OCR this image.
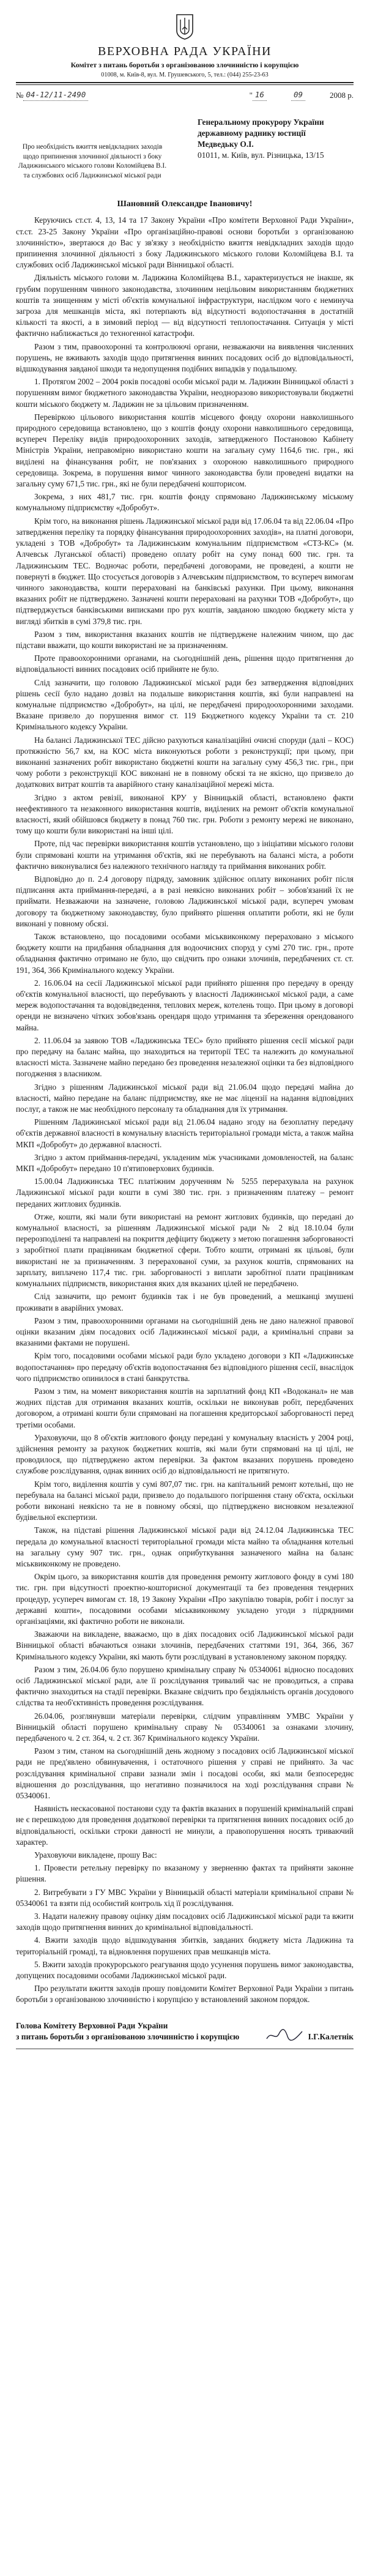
ВЕРХОВНА РАДА УКРАЇНИ
Комітет з питань боротьби з організованою злочинністю і корупцією
01008, м. Київ-8, вул. М. Грушевського, 5, тел.: (044) 255-23-63
№ 04-12/11-2490	" 16	09	2008 р.
Про необхідність вжиття невідкладних заходів щодо припинення злочинної діяльності з боку Ладижинського міського голови Коломійцева В.І. та службових осіб Ладижинської міської ради
Генеральному прокурору України
державному раднику юстиції
Медведьку О.І.
01011, м. Київ, вул. Різницька, 13/15
Шановний Олександре Івановичу!

Керуючись ст.ст. 4, 13, 14 та 17 Закону України «Про комітети Верховної Ради України», ст.ст. 23-25 Закону України «Про організаційно-правові основи боротьби з організованою злочинністю», звертаюся до Вас у зв'язку з необхідністю вжиття невідкладних заходів щодо припинення злочинної діяльності з боку Ладижинського міського голови Коломійцева В.І. та службових осіб Ладижинської міської ради Вінницької області.

Діяльність міського голови м. Ладижина Коломійцева В.І., характеризується не інакше, як грубим порушенням чинного законодавства, злочинним нецільовим використанням бюджетних коштів та знищенням у місті об'єктів комунальної інфраструктури, наслідком чого є неминуча загроза для мешканців міста, які потерпають від відсутності водопостачання в достатній кількості та якості, а в зимовий період — від відсутності теплопостачання. Ситуація у місті фактично наближається до техногенної катастрофи.

Разом з тим, правоохоронні та контролюючі органи, незважаючи на виявлення численних порушень, не вживають заходів щодо притягнення винних посадових осіб до відповідальності, відшкодування завданої шкоди та недопущення подібних випадків у подальшому.

1. Протягом 2002 – 2004 років посадові особи міської ради м. Ладижин Вінницької області з порушенням вимог бюджетного законодавства України, неодноразово використовували бюджетні кошти міського бюджету м. Ладижин не за цільовим призначенням.

Перевіркою цільового використання коштів місцевого фонду охорони навколишнього природного середовища встановлено, що з коштів фонду охорони навколишнього середовища, всупереч Переліку видів природоохоронних заходів, затвердженого Постановою Кабінету Міністрів України, неправомірно використано кошти на загальну суму 1164,6 тис. грн., які виділені на фінансування робіт, не пов'язаних з охороною навколишнього природного середовища. Зокрема, в порушення вимог чинного законодавства були проведені видатки на загальну суму 671,5 тис. грн., які не були передбачені кошторисом.

Зокрема, з них 481,7 тис. грн. коштів фонду спрямовано Ладижинському міському комунальному підприємству «Добробут».

Крім того, на виконання рішень Ладижинської міської ради від 17.06.04 та від 22.06.04 «Про затвердження переліку та порядку фінансування природоохоронних заходів», на платні договори, укладені з ТОВ «Добробут» та Ладижинським комунальним підприємством «СТЗ-КС» (м. Алчевськ Луганської області) проведено оплату робіт на суму понад 600 тис. грн. та Ладижинським ТЕС. Водночас роботи, передбачені договорами, не проведені, а кошти не повернуті в бюджет. Що стосується договорів з Алчевським підприємством, то всупереч вимогам чинного законодавства, кошти перераховані на банківські рахунки. При цьому, виконання вказаних робіт не підтверджено. Зазначені кошти перераховані на рахунки ТОВ «Добробут», що підтверджується банківськими виписками про рух коштів, завданою шкодою бюджету міста у вигляді збитків в сумі 379,8 тис. грн.

Разом з тим, використання вказаних коштів не підтверджене належним чином, що дає підстави вважати, що кошти використані не за призначенням.

Проте правоохоронними органами, на сьогоднішній день, рішення щодо притягнення до відповідальності винних посадових осіб прийняте не було.

Слід зазначити, що головою Ладижинської міської ради без затвердження відповідних рішень сесії було надано дозвіл на подальше використання коштів, які були направлені на комунальне підприємство «Добробут», на цілі, не передбачені природоохоронними заходами. Вказане призвело до порушення вимог ст. 119 Бюджетного кодексу України та ст. 210 Кримінального кодексу України.

На балансі Ладижинської ТЕС дійсно рахуються каналізаційні очисні споруди (далі – КОС) протяжністю 56,7 км, на КОС міста виконуються роботи з реконструкції; при цьому, при виконанні зазначених робіт використано бюджетні кошти на загальну суму 456,3 тис. грн., при чому роботи з реконструкції КОС виконані не в повному обсязі та не якісно, що призвело до додаткових витрат коштів та аварійного стану каналізаційної мережі міста.

Згідно з актом ревізії, виконаної КРУ у Вінницькій області, встановлено факти неефективного та незаконного використання коштів, виділених на ремонт об'єктів комунальної власності, який обійшовся бюджету в понад 760 тис. грн. Роботи з ремонту мережі не виконано, тому що кошти були використані на інші цілі.

Проте, під час перевірки використання коштів установлено, що з ініціативи міського голови були спрямовані кошти на утримання об'єктів, які не перебувають на балансі міста, а роботи фактично виконувалися без належного технічного нагляду та приймання виконаних робіт.

Відповідно до п. 2.4 договору підряду, замовник здійснює оплату виконаних робіт після підписання акта приймання-передачі, а в разі неякісно виконаних робіт – зобов'язаний їх не приймати. Незважаючи на зазначене, головою Ладижинської міської ради, всупереч умовам договору та бюджетному законодавству, було прийнято рішення оплатити роботи, які не були виконані у повному обсязі.

Також встановлено, що посадовими особами міськвиконкому перераховано з міського бюджету кошти на придбання обладнання для водоочисних споруд у сумі 270 тис. грн., проте обладнання фактично отримано не було, що свідчить про ознаки злочинів, передбачених ст. ст. 191, 364, 366 Кримінального кодексу України.

2. 16.06.04 на сесії Ладижинської міської ради прийнято рішення про передачу в оренду об'єктів комунальної власності, що перебувають у власності Ладижинської міської ради, а саме мереж водопостачання та водовідведення, теплових мереж, котелень тощо. При цьому в договорі оренди не визначено чітких зобов'язань орендаря щодо утримання та збереження орендованого майна.

2. 11.06.04 за заявою ТОВ «Ладижинська ТЕС» було прийнято рішення сесії міської ради про передачу на баланс майна, що знаходиться на території ТЕС та належить до комунальної власності міста. Зазначене майно передано без проведення незалежної оцінки та без відповідного погодження з власником.

Згідно з рішенням Ладижинської міської ради від 21.06.04 щодо передачі майна до власності, майно передане на баланс підприємству, яке не має ліцензії на надання відповідних послуг, а також не має необхідного персоналу та обладнання для їх утримання.

Рішенням Ладижинської міської ради від 21.06.04 надано згоду на безоплатну передачу об'єктів державної власності в комунальну власність територіальної громади міста, а також майна МКП «Добробут» до державної власності.

Згідно з актом приймання-передачі, укладеним між учасниками домовленостей, на баланс МКП «Добробут» передано 10 п'ятиповерхових будинків.

15.00.04 Ладижинська ТЕС платіжним дорученням № 5255 перерахувала на рахунок Ладижинської міської ради кошти в сумі 380 тис. грн. з призначенням платежу – ремонт переданих житлових будинків.

Отже, кошти, які мали бути використані на ремонт житлових будинків, що передані до комунальної власності, за рішенням Ладижинської міської ради № 2 від 18.10.04 були перерозподілені та направлені на покриття дефіциту бюджету з метою погашення заборгованості з заробітної плати працівникам бюджетної сфери. Тобто кошти, отримані як цільові, були використані не за призначенням. З перерахованої суми, за рахунок коштів, спрямованих на зарплату, виплачено 117,4 тис. грн. заборгованості з виплати заробітної плати працівникам комунальних підприємств, використання яких для вказаних цілей не передбачено.

Слід зазначити, що ремонт будинків так і не був проведений, а мешканці змушені проживати в аварійних умовах.

Разом з тим, правоохоронними органами на сьогоднішній день не дано належної правової оцінки вказаним діям посадових осіб Ладижинської міської ради, а кримінальні справи за вказаними фактами не порушені.

Крім того, посадовими особами міської ради було укладено договори з КП «Ладижинське водопостачання» про передачу об'єктів водопостачання без відповідного рішення сесії, внаслідок чого підприємство опинилося в стані банкрутства.

Разом з тим, на момент використання коштів на зарплатний фонд КП «Водоканал» не мав жодних підстав для отримання вказаних коштів, оскільки не виконував робіт, передбачених договором, а отримані кошти були спрямовані на погашення кредиторської заборгованості перед третіми особами.

Ураховуючи, що 8 об'єктів житлового фонду передані у комунальну власність у 2004 році, здійснення ремонту за рахунок бюджетних коштів, які мали бути спрямовані на ці цілі, не проводилося, що підтверджено актом перевірки. За фактом вказаних порушень проведено службове розслідування, однак винних осіб до відповідальності не притягнуто.

Крім того, виділення коштів у сумі 807,07 тис. грн. на капітальний ремонт котельні, що не перебувала на балансі міської ради, призвело до подальшого погіршення стану об'єкта, оскільки роботи виконані неякісно та не в повному обсязі, що підтверджено висновком незалежної будівельної експертизи.

Також, на підставі рішення Ладижинської міської ради від 24.12.04 Ладижинська ТЕС передала до комунальної власності територіальної громади міста майно та обладнання котельні на загальну суму 907 тис. грн., однак оприбуткування зазначеного майна на баланс міськвиконкому не проведено.

Окрім цього, за використання коштів для проведення ремонту житлового фонду в сумі 180 тис. грн. при відсутності проектно-кошторисної документації та без проведення тендерних процедур, усупереч вимогам ст. 18, 19 Закону України «Про закупівлю товарів, робіт і послуг за державні кошти», посадовими особами міськвиконкому укладено угоди з підрядними організаціями, які фактично роботи не виконали.

Зважаючи на викладене, вважаємо, що в діях посадових осіб Ладижинської міської ради Вінницької області вбачаються ознаки злочинів, передбачених статтями 191, 364, 366, 367 Кримінального кодексу України, які мають бути розслідувані в установленому законом порядку.

Разом з тим, 26.04.06 було порушено кримінальну справу № 05340061 відносно посадових осіб Ладижинської міської ради, але її розслідування тривалий час не проводиться, а справа фактично знаходиться на стадії перевірки. Вказане свідчить про бездіяльність органів досудового слідства та необ'єктивність проведення розслідування.

26.04.06, розглянувши матеріали перевірки, слідчим управлінням УМВС України у Вінницькій області порушено кримінальну справу № 05340061 за ознаками злочину, передбаченого ч. 2 ст. 364, ч. 2 ст. 367 Кримінального кодексу України.

Разом з тим, станом на сьогоднішній день жодному з посадових осіб Ладижинської міської ради не пред'явлено обвинувачення, і остаточного рішення у справі не прийнято. За час розслідування кримінальної справи зазнали змін і посадові особи, які мали безпосереднє відношення до розслідування, що негативно позначилося на ході розслідування справи № 05340061.

Наявність нескасованої постанови суду та фактів вказаних в порушеній кримінальній справі не є перешкодою для проведення додаткової перевірки та притягнення винних посадових осіб до відповідальності, оскільки строки давності не минули, а правопорушення носять триваючий характер.

Ураховуючи викладене, прошу Вас:

1. Провести ретельну перевірку по вказаному у зверненню фактах та прийняти законне рішення.

2. Витребувати з ГУ МВС України у Вінницькій області матеріали кримінальної справи № 05340061 та взяти під особистий контроль хід її розслідування.

3. Надати належну правову оцінку діям посадових осіб Ладижинської міської ради та вжити заходів щодо притягнення винних до кримінальної відповідальності.

4. Вжити заходів щодо відшкодування збитків, завданих бюджету міста Ладижина та територіальній громаді, та відновлення порушених прав мешканців міста.

5. Вжити заходів прокурорського реагування щодо усунення порушень вимог законодавства, допущених посадовими особами Ладижинської міської ради.

Про результати вжиття заходів прошу повідомити Комітет Верховної Ради України з питань боротьби з організованою злочинністю і корупцією у встановлений законом порядок.

Голова Комітету Верховної Ради України
з питань боротьби з організованою злочинністю і корупцією	І.Г.Калетнік
